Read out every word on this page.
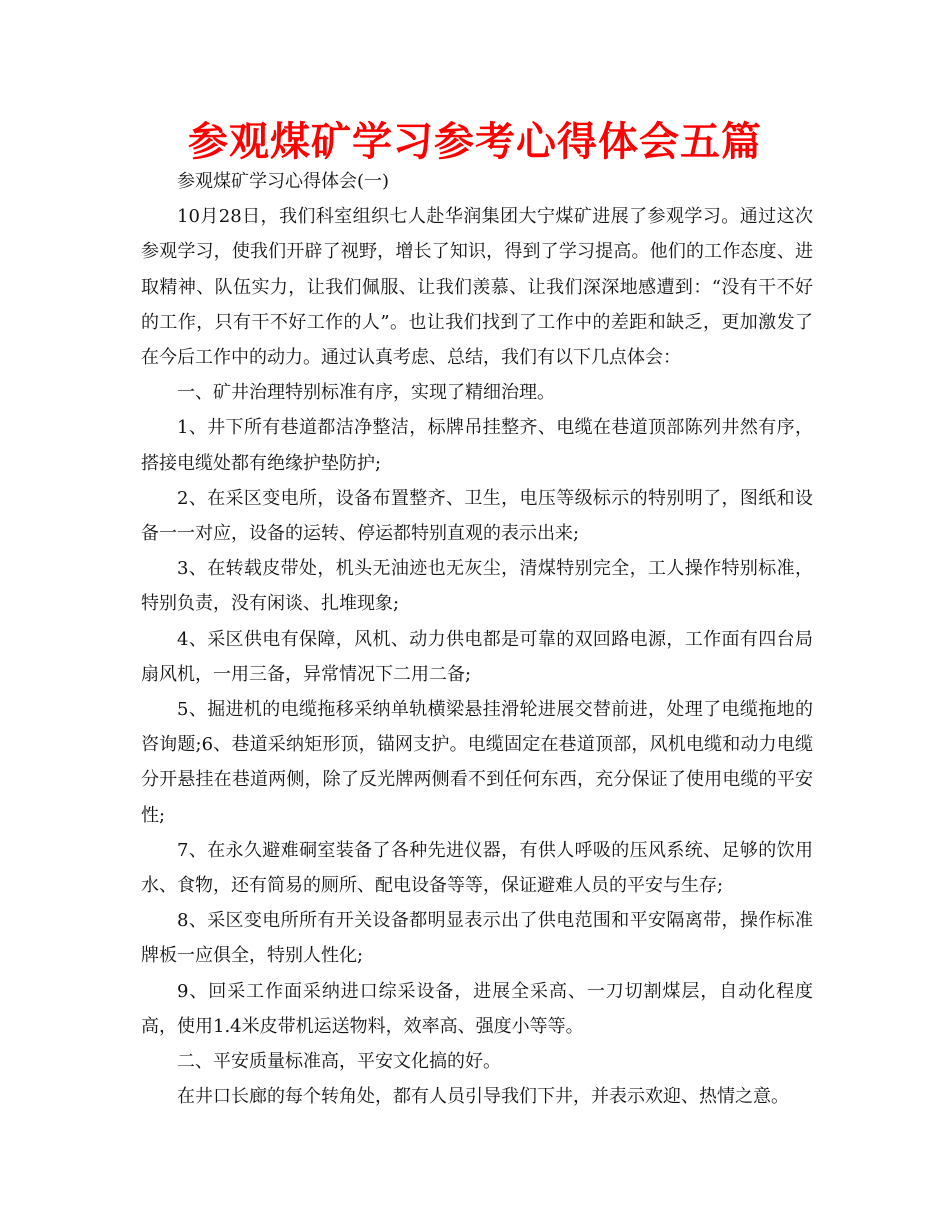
参观煤矿学习参考心得体会五篇

参观煤矿学习心得体会(一)

10月28日，我们科室组织七人赴华润集团大宁煤矿进展了参观学习。通过这次参观学习，使我们开辟了视野，增长了知识，得到了学习提高。他们的工作态度、进取精神、队伍实力，让我们佩服、让我们羡慕、让我们深深地感遭到：“没有干不好的工作，只有干不好工作的人”。也让我们找到了工作中的差距和缺乏，更加激发了在今后工作中的动力。通过认真考虑、总结，我们有以下几点体会：

一、矿井治理特别标准有序，实现了精细治理。

1、井下所有巷道都洁净整洁，标牌吊挂整齐、电缆在巷道顶部陈列井然有序，搭接电缆处都有绝缘护垫防护;

2、在采区变电所，设备布置整齐、卫生，电压等级标示的特别明了，图纸和设备一一对应，设备的运转、停运都特别直观的表示出来;

3、在转载皮带处，机头无油迹也无灰尘，清煤特别完全，工人操作特别标准，特别负责，没有闲谈、扎堆现象;

4、采区供电有保障，风机、动力供电都是可靠的双回路电源，工作面有四台局扇风机，一用三备，异常情况下二用二备;

5、掘进机的电缆拖移采纳单轨横梁悬挂滑轮进展交替前进，处理了电缆拖地的咨询题;6、巷道采纳矩形顶，锚网支护。电缆固定在巷道顶部，风机电缆和动力电缆分开悬挂在巷道两侧，除了反光牌两侧看不到任何东西，充分保证了使用电缆的平安性;

7、在永久避难硐室装备了各种先进仪器，有供人呼吸的压风系统、足够的饮用水、食物，还有简易的厕所、配电设备等等，保证避难人员的平安与生存;

8、采区变电所所有开关设备都明显表示出了供电范围和平安隔离带，操作标准牌板一应俱全，特别人性化;

9、回采工作面采纳进口综采设备，进展全采高、一刀切割煤层，自动化程度高，使用1.4米皮带机运送物料，效率高、强度小等等。

二、平安质量标准高，平安文化搞的好。

在井口长廊的每个转角处，都有人员引导我们下井，并表示欢迎、热情之意。
